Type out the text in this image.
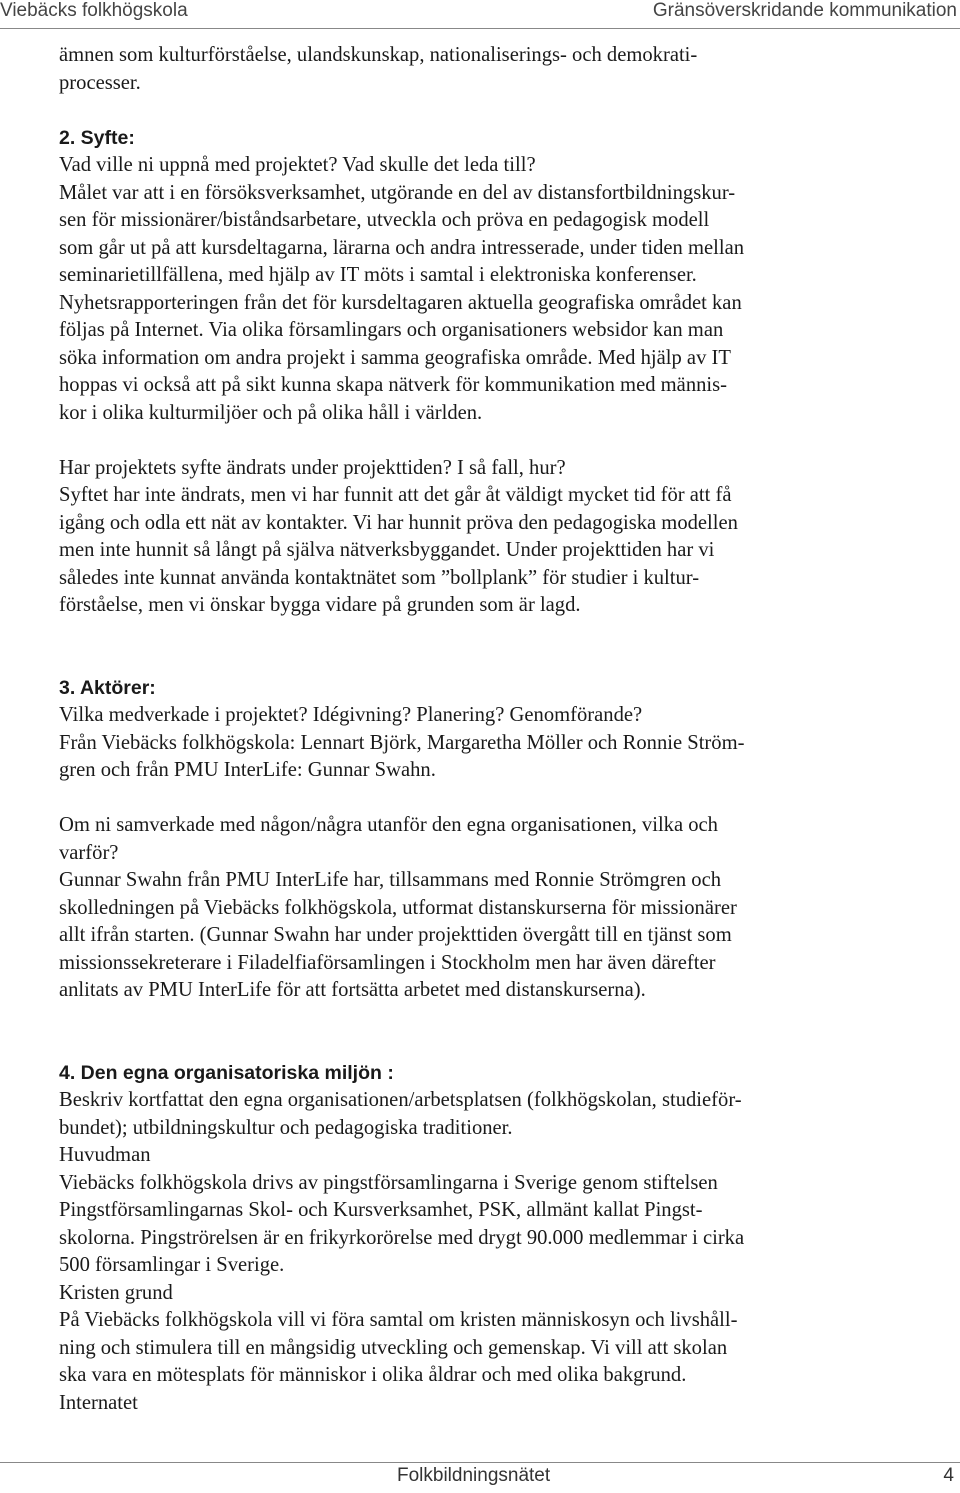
Viebäcks folkhögskola	Gränsöverskridande kommunikation

ämnen som kulturförståelse, ulandskunskap, nationaliserings- och demokrati-

processer.

2. Syfte:

Vad ville ni uppnå med projektet? Vad skulle det leda till?

Målet var att i en försöksverksamhet, utgörande en del av distansfortbildningskur-

sen för missionärer/biståndsarbetare, utveckla och pröva en pedagogisk modell

som går ut på att kursdeltagarna, lärarna och andra intresserade, under tiden mellan

seminarietillfällena, med hjälp av IT möts i samtal i elektroniska konferenser.

Nyhetsrapporteringen från det för kursdeltagaren aktuella geografiska området kan

följas på Internet. Via olika församlingars och organisationers websidor kan man

söka information om andra projekt i samma geografiska område. Med hjälp av IT

hoppas vi också att på sikt kunna skapa nätverk för kommunikation med männis-

kor i olika kulturmiljöer och på olika håll i världen.

Har projektets syfte ändrats under projekttiden? I så fall, hur?

Syftet har inte ändrats, men vi har funnit att det går åt väldigt mycket tid för att få

igång och odla ett nät av kontakter. Vi har hunnit pröva den pedagogiska modellen

men inte hunnit så långt på själva nätverksbyggandet. Under projekttiden har vi

således inte kunnat använda kontaktnätet som ”bollplank” för studier i kultur-

förståelse, men vi önskar bygga vidare på grunden som är lagd.

3. Aktörer:

Vilka medverkade i projektet? Idégivning? Planering? Genomförande?

Från Viebäcks folkhögskola: Lennart Björk, Margaretha Möller och Ronnie Ström-

gren och från PMU InterLife: Gunnar Swahn.

Om ni samverkade med någon/några utanför den egna organisationen, vilka och

varför?

Gunnar Swahn från PMU InterLife har, tillsammans med Ronnie Strömgren och

skolledningen på Viebäcks folkhögskola, utformat distanskurserna för missionärer

allt ifrån starten. (Gunnar Swahn har under projekttiden övergått till en tjänst som

missionssekreterare i Filadelfiaförsamlingen i Stockholm men har även därefter

anlitats av PMU InterLife för att fortsätta arbetet med distanskurserna).

4. Den egna organisatoriska miljön :

Beskriv kortfattat den egna organisationen/arbetsplatsen (folkhögskolan, studieför-

bundet); utbildningskultur och pedagogiska traditioner.

Huvudman

Viebäcks folkhögskola drivs av pingstförsamlingarna i Sverige genom stiftelsen

Pingstförsamlingarnas Skol- och Kursverksamhet, PSK, allmänt kallat Pingst-

skolorna. Pingströrelsen är en frikyrkorörelse med drygt 90.000 medlemmar i cirka

500 församlingar i Sverige.

Kristen grund

På Viebäcks folkhögskola vill vi föra samtal om kristen människosyn och livshåll-

ning och stimulera till en mångsidig utveckling och gemenskap. Vi vill att skolan

ska vara en mötesplats för människor i olika åldrar och med olika bakgrund.

Internatet

Folkbildningsnätet	4
